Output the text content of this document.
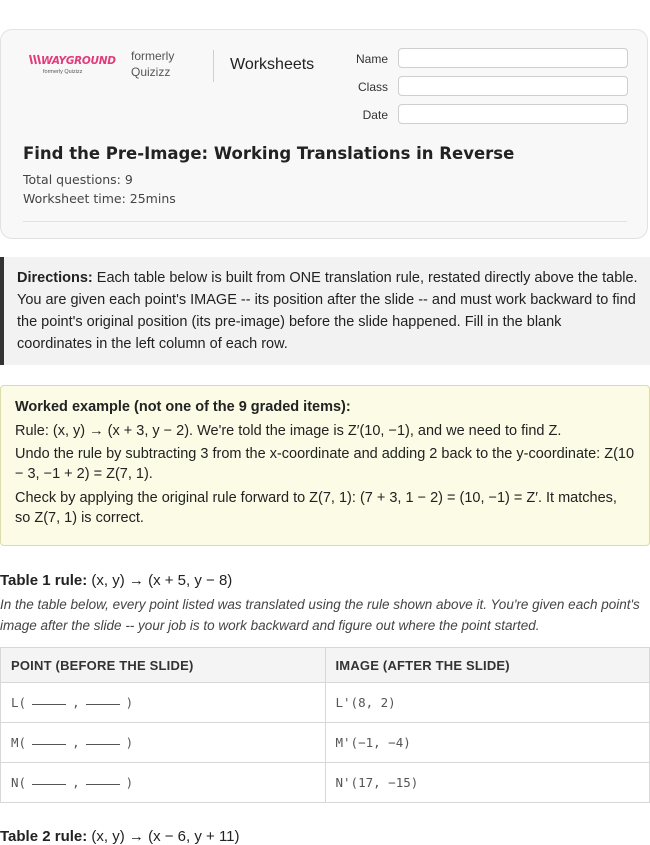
WAYGROUND
formerly Quizizz
formerly
Quizizz	Worksheets	Name
Class
Date
Find the Pre-Image: Working Translations in Reverse
Total questions: 9
Worksheet time: 25mins
Directions: Each table below is built from ONE translation rule, restated directly above the table. You are given each point's IMAGE -- its position after the slide -- and must work backward to find the point's original position (its pre-image) before the slide happened. Fill in the blank coordinates in the left column of each row.

Worked example (not one of the 9 graded items):

Rule: (x, y) → (x + 3, y − 2). We're told the image is Z′(10, −1), and we need to find Z.

Undo the rule by subtracting 3 from the x-coordinate and adding 2 back to the y-coordinate: Z(10 − 3, −1 + 2) = Z(7, 1).

Check by applying the original rule forward to Z(7, 1): (7 + 3, 1 − 2) = (10, −1) = Z′. It matches, so Z(7, 1) is correct.

Table 1 rule: (x, y) → (x + 5, y − 8)
In the table below, every point listed was translated using the rule shown above it. You're given each point's image after the slide -- your job is to work backward and figure out where the point started.
POINT (BEFORE THE SLIDE)	IMAGE (AFTER THE SLIDE)
L( , )	L'(8, 2)
M( , )	M'(−1, −4)
N( , )	N'(17, −15)
Table 2 rule: (x, y) → (x − 6, y + 11)
